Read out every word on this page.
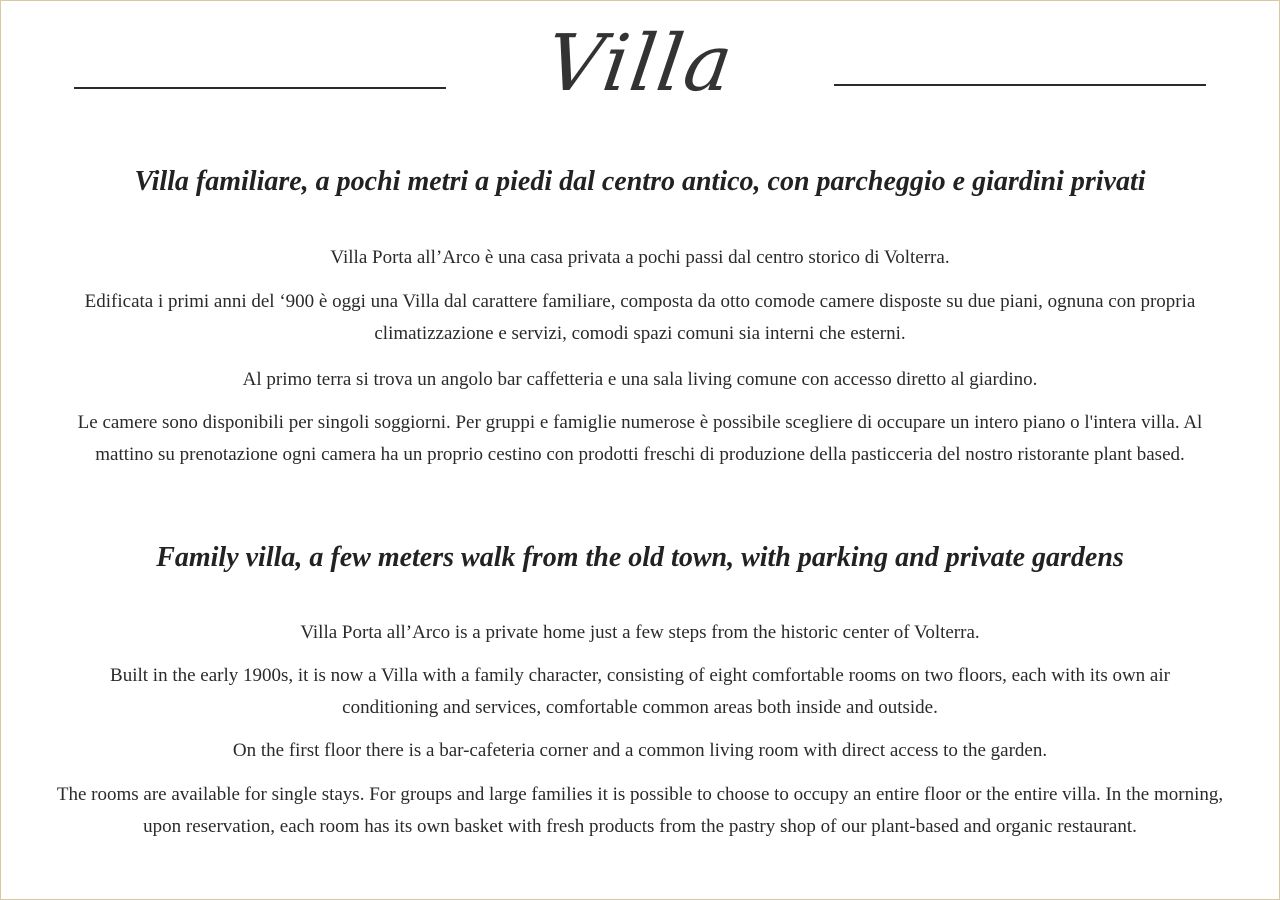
Villa
Villa familiare, a pochi metri a piedi dal centro antico, con parcheggio e giardini privati

Villa Porta all’Arco è una casa privata a pochi passi dal centro storico di Volterra.

Edificata i primi anni del ‘900 è oggi una Villa dal carattere familiare, composta da otto comode camere disposte su due piani, ognuna con propria climatizzazione e servizi, comodi spazi comuni sia interni che esterni.

Al primo terra si trova un angolo bar caffetteria e una sala living comune con accesso diretto al giardino.

Le camere sono disponibili per singoli soggiorni. Per gruppi e famiglie numerose è possibile scegliere di occupare un intero piano o l'intera villa. Al mattino su prenotazione ogni camera ha un proprio cestino con prodotti freschi di produzione della pasticceria del nostro ristorante plant based.

Family villa, a few meters walk from the old town, with parking and private gardens

Villa Porta all’Arco is a private home just a few steps from the historic center of Volterra.

Built in the early 1900s, it is now a Villa with a family character, consisting of eight comfortable rooms on two floors, each with its own air conditioning and services, comfortable common areas both inside and outside.

On the first floor there is a bar-cafeteria corner and a common living room with direct access to the garden.

The rooms are available for single stays. For groups and large families it is possible to choose to occupy an entire floor or the entire villa. In the morning, upon reservation, each room has its own basket with fresh products from the pastry shop of our plant-based and organic restaurant.
